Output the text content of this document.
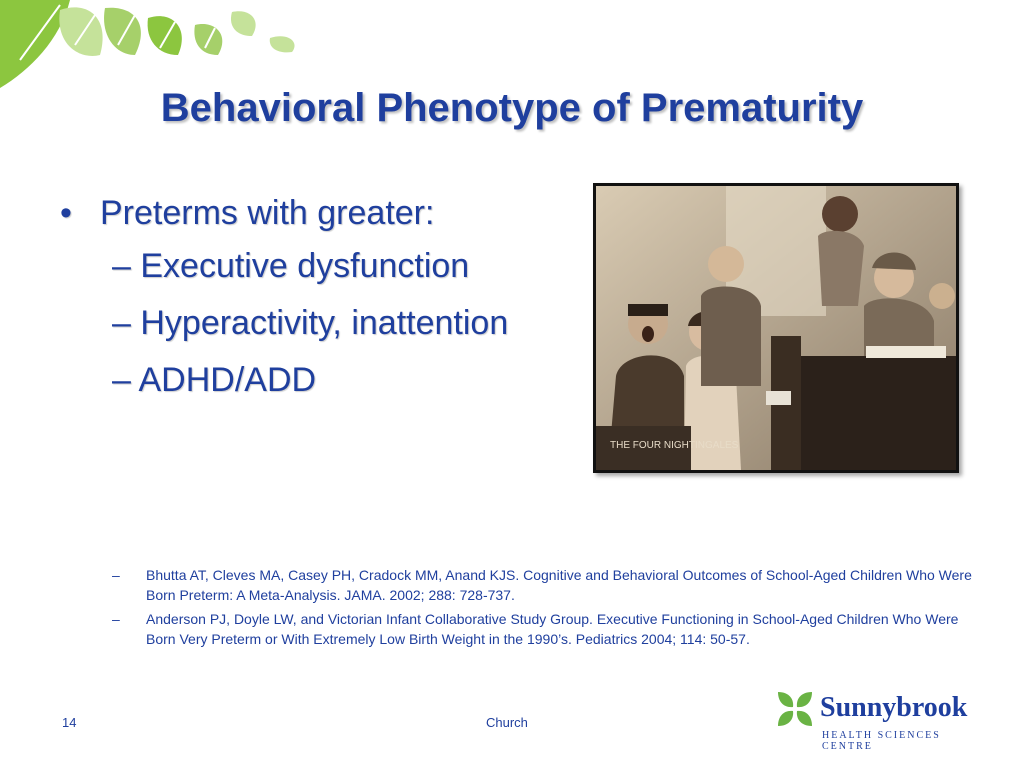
Behavioral Phenotype of Prematurity
• Preterms with greater:
– Executive dysfunction
– Hyperactivity, inattention
– ADHD/ADD
THE FOUR NIGHTINGALES
– Bhutta AT, Cleves MA, Casey PH, Cradock MM, Anand KJS. Cognitive and Behavioral Outcomes of School-Aged Children Who Were Born Preterm: A Meta-Analysis. JAMA. 2002; 288: 728-737.
– Anderson PJ, Doyle LW, and Victorian Infant Collaborative Study Group. Executive Functioning in School-Aged Children Who Were Born Very Preterm or With Extremely Low Birth Weight in the 1990’s. Pediatrics 2004; 114: 50-57.
14	Church	Sunnybrook
HEALTH SCIENCES CENTRE
